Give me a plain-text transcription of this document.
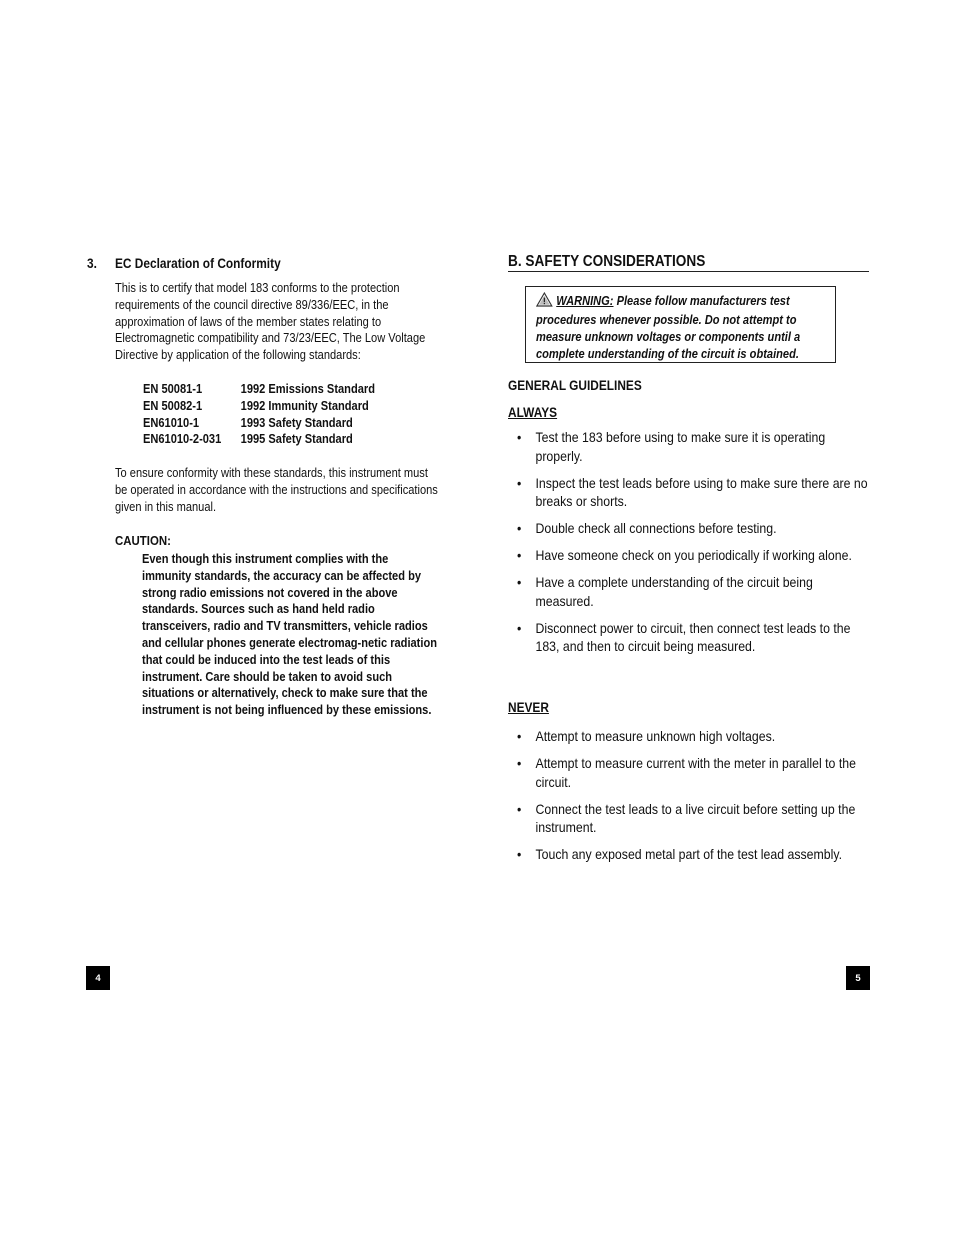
3. EC Declaration of Conformity
This is to certify that model 183 conforms to the protection requirements of the council directive 89/336/EEC, in the approximation of laws of the member states relating to Electromagnetic compatibility and 73/23/EEC, The Low Voltage Directive by application of the following standards:
EN 50081-1	1992 Emissions Standard
EN 50082-1	1992 Immunity Standard
EN61010-1	1993 Safety Standard
EN61010-2-031	1995 Safety Standard
To ensure conformity with these standards, this instrument must be operated in accordance with the instructions and specifications given in this manual.
CAUTION:
Even though this instrument complies with the immunity standards, the accuracy can be affected by strong radio emissions not covered in the above standards. Sources such as hand held radio transceivers, radio and TV transmitters, vehicle radios and cellular phones generate electromag-netic radiation that could be induced into the test leads of this instrument. Care should be taken to avoid such situations or alternatively, check to make sure that the instrument is not being influenced by these emissions.
4
B. SAFETY CONSIDERATIONS
WARNING: Please follow manufacturers test procedures whenever possible. Do not attempt to measure unknown voltages or components until a complete understanding of the circuit is obtained.
GENERAL GUIDELINES
ALWAYS
• Test the 183 before using to make sure it is operating properly.
• Inspect the test leads before using to make sure there are no breaks or shorts.
• Double check all connections before testing.
• Have someone check on you periodically if working alone.
• Have a complete understanding of the circuit being measured.
• Disconnect power to circuit, then connect test leads to the 183, and then to circuit being measured.
NEVER
• Attempt to measure unknown high voltages.
• Attempt to measure current with the meter in parallel to the circuit.
• Connect the test leads to a live circuit before setting up the instrument.
• Touch any exposed metal part of the test lead assembly.
5
